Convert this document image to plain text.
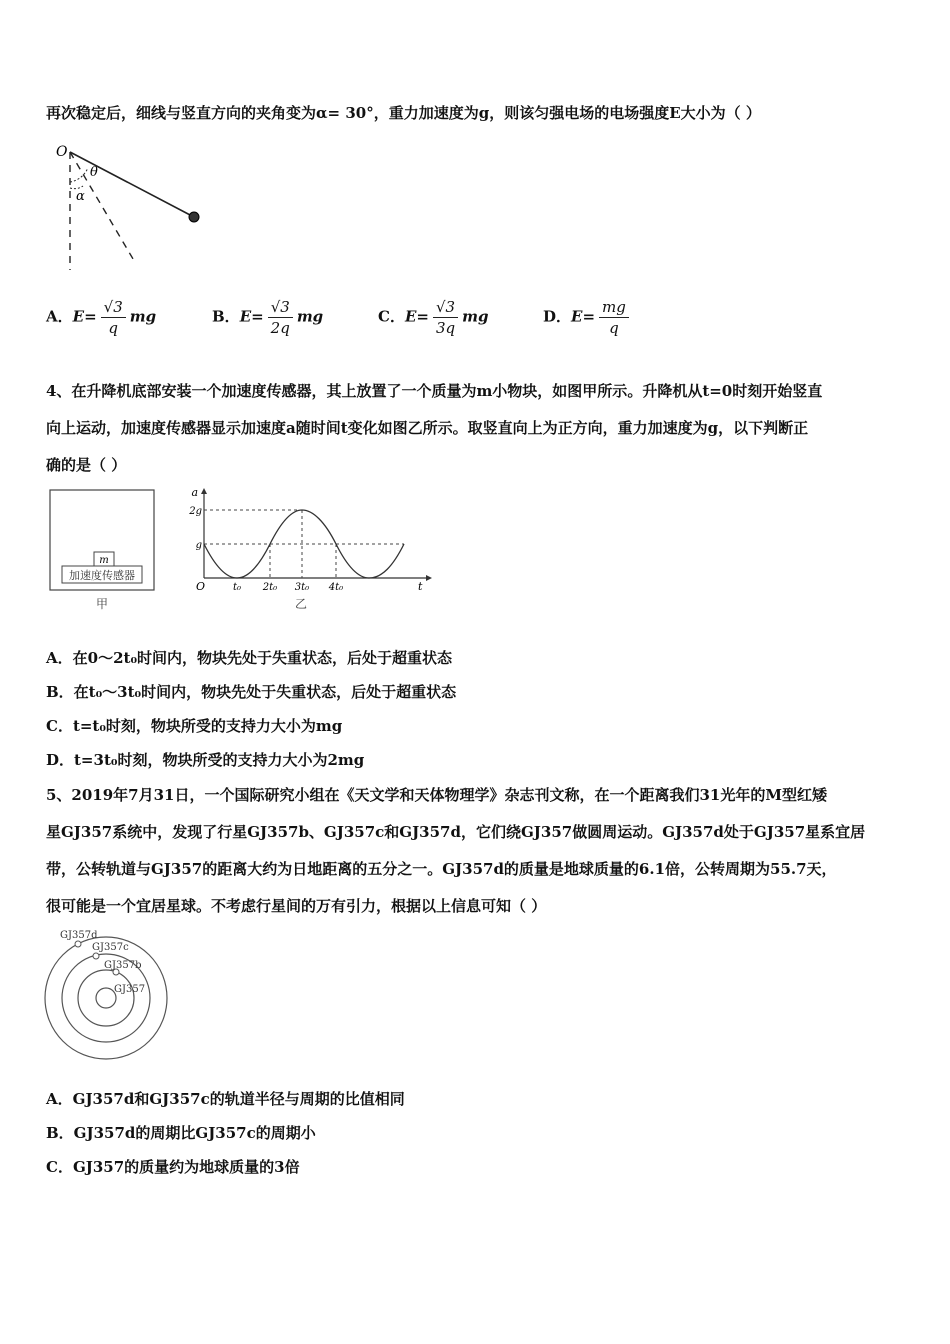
再次稳定后，细线与竖直方向的夹角变为α= 30°，重力加速度为g，则该匀强电场的电场强度E大小为（ ）
O
θ
α
A．$E= \frac{√3}{q}$ mg	B．$E= \frac{√3}{2q}$ mg	C．$E= \frac{√3}{3q}$ mg	D．$E= \frac{mg}{q}$
4、在升降机底部安装一个加速度传感器，其上放置了一个质量为m小物块，如图甲所示。升降机从t=0时刻开始竖直
向上运动，加速度传感器显示加速度a随时间t变化如图乙所示。取竖直向上为正方向，重力加速度为g，以下判断正
确的是（ ）
m
加速度传感器
甲
a
t
O
2g
g
t₀ 2t₀ 3t₀ 4t₀
乙
A．在0～2t₀时间内，物块先处于失重状态，后处于超重状态
B．在t₀～3t₀时间内，物块先处于失重状态，后处于超重状态
C．t=t₀时刻，物块所受的支持力大小为mg
D．t=3t₀时刻，物块所受的支持力大小为2mg
5、2019年7月31日，一个国际研究小组在《天文学和天体物理学》杂志刊文称，在一个距离我们31光年的M型红矮
星GJ357系统中，发现了行星GJ357b、GJ357c和GJ357d，它们绕GJ357做圆周运动。GJ357d处于GJ357星系宜居
带，公转轨道与GJ357的距离大约为日地距离的五分之一。GJ357d的质量是地球质量的6.1倍，公转周期为55.7天，
很可能是一个宜居星球。不考虑行星间的万有引力，根据以上信息可知（ ）
GJ357d
GJ357c
GJ357b
GJ357
A．GJ357d和GJ357c的轨道半径与周期的比值相同
B．GJ357d的周期比GJ357c的周期小
C．GJ357的质量约为地球质量的3倍
